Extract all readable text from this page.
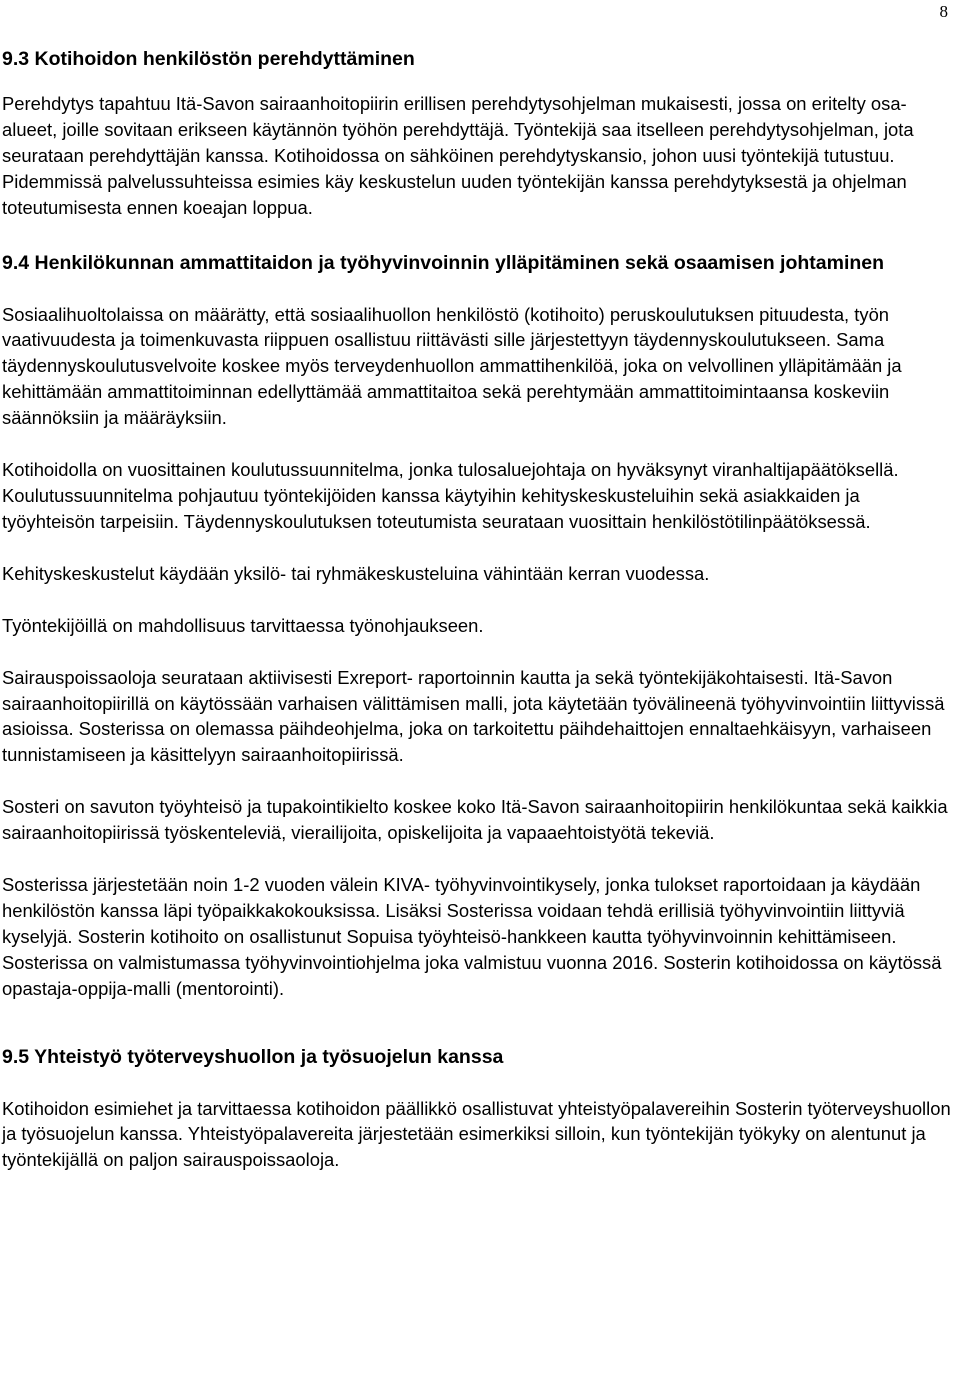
8
9.3 Kotihoidon henkilöstön perehdyttäminen

Perehdytys tapahtuu Itä-Savon sairaanhoitopiirin erillisen perehdytysohjelman mukaisesti, jossa on eritelty osa-alueet, joille sovitaan erikseen käytännön työhön perehdyttäjä. Työntekijä saa itselleen perehdytysohjelman, jota seurataan perehdyttäjän kanssa. Kotihoidossa on sähköinen perehdytyskansio, johon uusi työntekijä tutustuu. Pidemmissä palvelussuhteissa esimies käy keskustelun uuden työntekijän kanssa perehdytyksestä ja ohjelman toteutumisesta ennen koeajan loppua.

9.4 Henkilökunnan ammattitaidon ja työhyvinvoinnin ylläpitäminen sekä osaamisen johtaminen

Sosiaalihuoltolaissa on määrätty, että sosiaalihuollon henkilöstö (kotihoito) peruskoulutuksen pituudesta, työn vaativuudesta ja toimenkuvasta riippuen osallistuu riittävästi sille järjestettyyn täydennyskoulutukseen. Sama täydennyskoulutusvelvoite koskee myös terveydenhuollon ammattihenkilöä, joka on velvollinen ylläpitämään ja kehittämään ammattitoiminnan edellyttämää ammattitaitoa sekä perehtymään ammattitoimintaansa koskeviin säännöksiin ja määräyksiin.

Kotihoidolla on vuosittainen koulutussuunnitelma, jonka tulosaluejohtaja on hyväksynyt viranhaltijapäätöksellä. Koulutussuunnitelma pohjautuu työntekijöiden kanssa käytyihin kehityskeskusteluihin sekä asiakkaiden ja työyhteisön tarpeisiin. Täydennyskoulutuksen toteutumista seurataan vuosittain henkilöstötilinpäätöksessä.

Kehityskeskustelut käydään yksilö- tai ryhmäkeskusteluina vähintään kerran vuodessa.

Työntekijöillä on mahdollisuus tarvittaessa työnohjaukseen.

Sairauspoissaoloja seurataan aktiivisesti Exreport- raportoinnin kautta ja sekä työntekijäkohtaisesti. Itä-Savon sairaanhoitopiirillä on käytössään varhaisen välittämisen malli, jota käytetään työvälineenä työhyvinvointiin liittyvissä asioissa. Sosterissa on olemassa päihdeohjelma, joka on tarkoitettu päihdehaittojen ennaltaehkäisyyn, varhaiseen tunnistamiseen ja käsittelyyn sairaanhoitopiirissä.

Sosteri on savuton työyhteisö ja tupakointikielto koskee koko Itä-Savon sairaanhoitopiirin henkilökuntaa sekä kaikkia sairaanhoitopiirissä työskenteleviä, vierailijoita, opiskelijoita ja vapaaehtoistyötä tekeviä.

Sosterissa järjestetään noin 1-2 vuoden välein KIVA- työhyvinvointikysely, jonka tulokset raportoidaan ja käydään henkilöstön kanssa läpi työpaikkakokouksissa. Lisäksi Sosterissa voidaan tehdä erillisiä työhyvinvointiin liittyviä kyselyjä. Sosterin kotihoito on osallistunut Sopuisa työyhteisö-hankkeen kautta työhyvinvoinnin kehittämiseen. Sosterissa on valmistumassa työhyvinvointiohjelma joka valmistuu vuonna 2016. Sosterin kotihoidossa on käytössä opastaja-oppija-malli (mentorointi).

9.5 Yhteistyö työterveyshuollon ja työsuojelun kanssa

Kotihoidon esimiehet ja tarvittaessa kotihoidon päällikkö osallistuvat yhteistyöpalavereihin Sosterin työterveyshuollon ja työsuojelun kanssa. Yhteistyöpalavereita järjestetään esimerkiksi silloin, kun työntekijän työkyky on alentunut ja työntekijällä on paljon sairauspoissaoloja.
